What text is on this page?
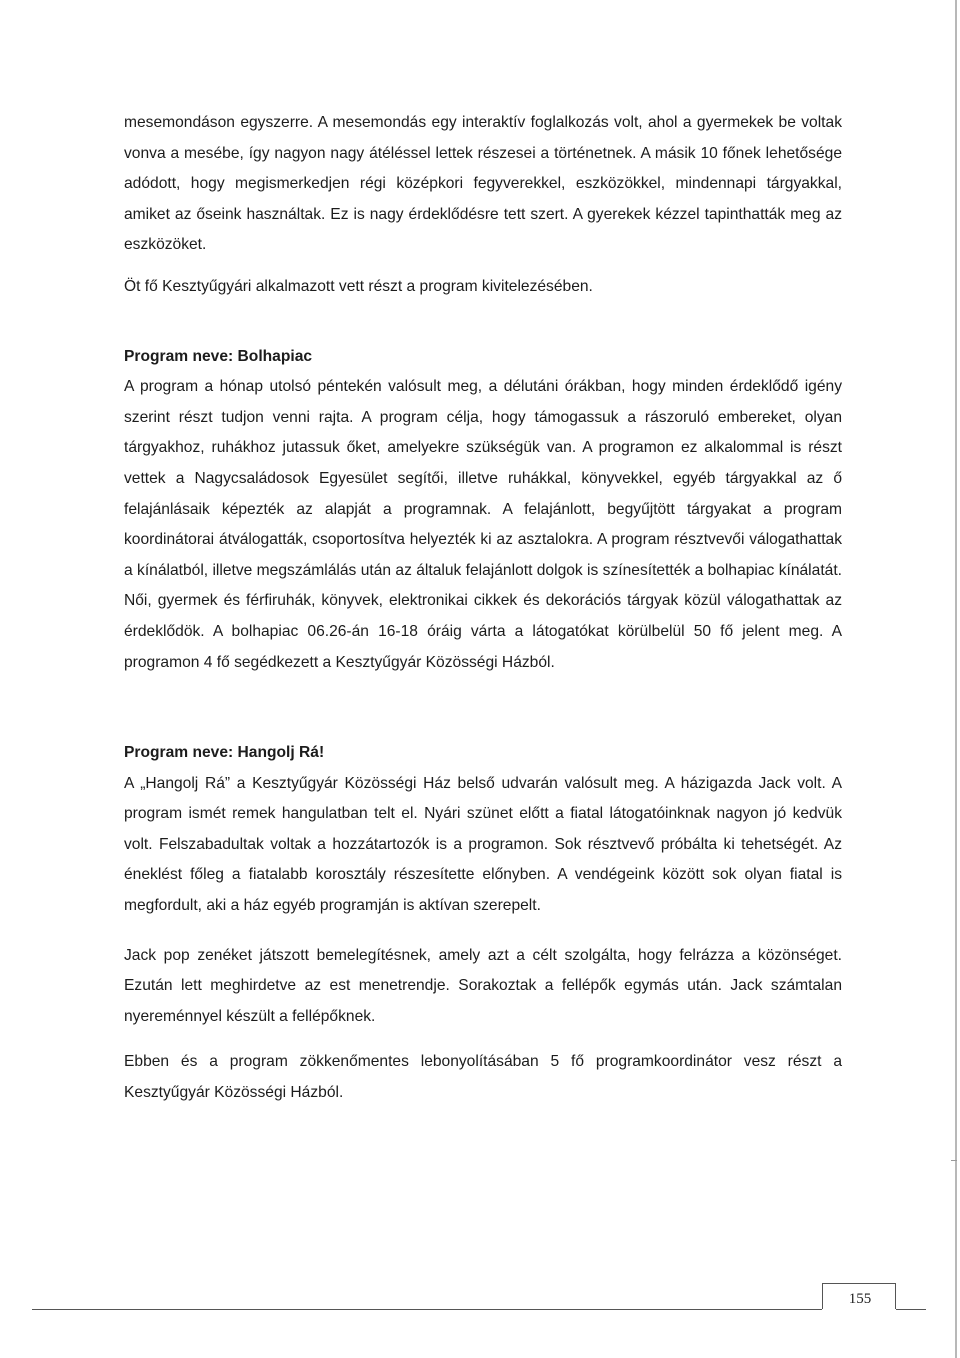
mesemondáson egyszerre. A mesemondás egy interaktív foglalkozás volt, ahol a gyermekek be voltak vonva a mesébe, így nagyon nagy átéléssel lettek részesei a történetnek. A másik 10 főnek lehetősége adódott, hogy megismerkedjen régi középkori fegyverekkel, eszközökkel, mindennapi tárgyakkal, amiket az őseink használtak. Ez is nagy érdeklődésre tett szert. A gyerekek kézzel tapinthatták meg az eszközöket.

Öt fő Kesztyűgyári alkalmazott vett részt a program kivitelezésében.

Program neve: Bolhapiac

A program a hónap utolsó péntekén valósult meg, a délutáni órákban, hogy minden érdeklődő igény szerint részt tudjon venni rajta. A program célja, hogy támogassuk a rászoruló embereket, olyan tárgyakhoz, ruhákhoz jutassuk őket, amelyekre szükségük van. A programon ez alkalommal is részt vettek a Nagycsaládosok Egyesület segítői, illetve ruhákkal, könyvekkel, egyéb tárgyakkal az ő felajánlásaik képezték az alapját a programnak. A felajánlott, begyűjtött tárgyakat a program koordinátorai átválogatták, csoportosítva helyezték ki az asztalokra. A program résztvevői válogathattak a kínálatból, illetve megszámlálás után az általuk felajánlott dolgok is színesítették a bolhapiac kínálatát. Női, gyermek és férfiruhák, könyvek, elektronikai cikkek és dekorációs tárgyak közül válogathattak az érdeklődök. A bolhapiac 06.26-án 16-18 óráig várta a látogatókat körülbelül 50 fő jelent meg. A programon 4 fő segédkezett a Kesztyűgyár Közösségi Házból.

Program neve: Hangolj Rá!

A „Hangolj Rá” a Kesztyűgyár Közösségi Ház belső udvarán valósult meg. A házigazda Jack volt. A program ismét remek hangulatban telt el. Nyári szünet előtt a fiatal látogatóinknak nagyon jó kedvük volt. Felszabadultak voltak a hozzátartozók is a programon. Sok résztvevő próbálta ki tehetségét. Az éneklést főleg a fiatalabb korosztály részesítette előnyben. A vendégeink között sok olyan fiatal is megfordult, aki a ház egyéb programján is aktívan szerepelt.

Jack pop zenéket játszott bemelegítésnek, amely azt a célt szolgálta, hogy felrázza a közönséget. Ezután lett meghirdetve az est menetrendje. Sorakoztak a fellépők egymás után. Jack számtalan nyereménnyel készült a fellépőknek.

Ebben és a program zökkenőmentes lebonyolításában 5 fő programkoordinátor vesz részt a Kesztyűgyár Közösségi Házból.

155
